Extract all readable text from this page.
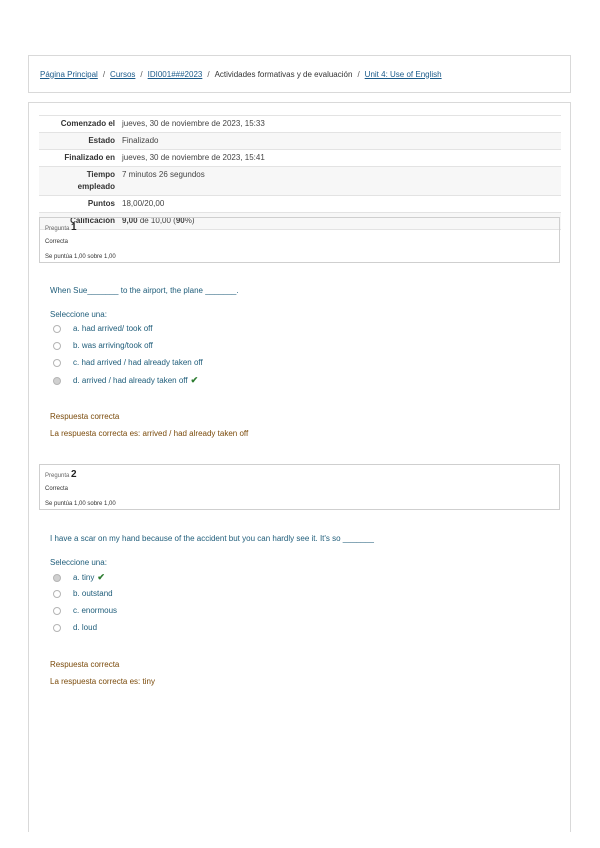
Página Principal / Cursos / IDI001###2023 / Actividades formativas y de evaluación / Unit 4: Use of English
Comenzado el	jueves, 30 de noviembre de 2023, 15:33
Estado	Finalizado
Finalizado en	jueves, 30 de noviembre de 2023, 15:41
Tiempo
empleado	7 minutos 26 segundos
Puntos	18,00/20,00
Calificación	9,00 de 10,00 (90%)
Pregunta 1
Correcta
Se puntúa 1,00 sobre 1,00
When Sue_______ to the airport, the plane _______.
Seleccione una:
a. had arrived/ took off
b. was arriving/took off
c. had arrived / had already taken off
d. arrived / had already taken off ✔
Respuesta correcta
La respuesta correcta es: arrived / had already taken off
Pregunta 2
Correcta
Se puntúa 1,00 sobre 1,00
I have a scar on my hand because of the accident but you can hardly see it. It's so _______
Seleccione una:
a. tiny ✔
b. outstand
c. enormous
d. loud
Respuesta correcta
La respuesta correcta es: tiny
